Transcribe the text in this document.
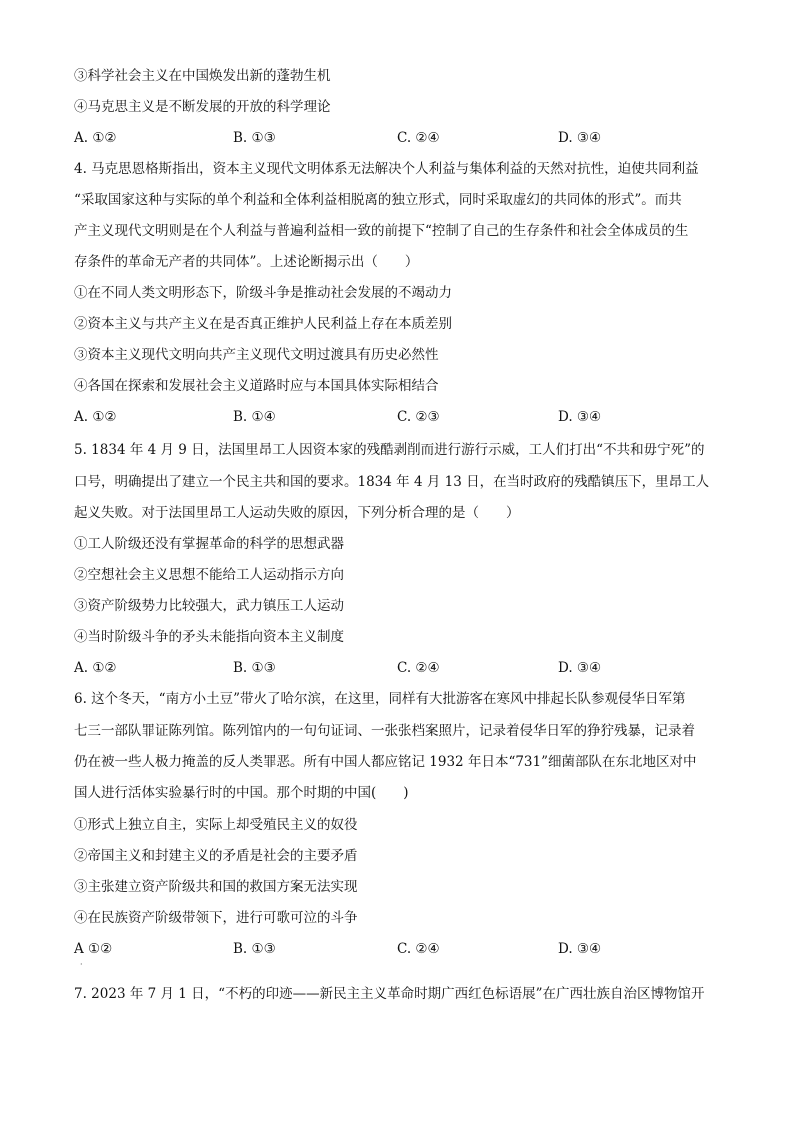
③科学社会主义在中国焕发出新的蓬勃生机
④马克思主义是不断发展的开放的科学理论
A. ①②	B. ①③	C. ②④	D. ③④
4. 马克思恩格斯指出，资本主义现代文明体系无法解决个人利益与集体利益的天然对抗性，迫使共同利益
“采取国家这种与实际的单个利益和全体利益相脱离的独立形式，同时采取虚幻的共同体的形式”。而共
产主义现代文明则是在个人利益与普遍利益相一致的前提下“控制了自己的生存条件和社会全体成员的生
存条件的革命无产者的共同体”。上述论断揭示出（　　）
①在不同人类文明形态下，阶级斗争是推动社会发展的不竭动力
②资本主义与共产主义在是否真正维护人民利益上存在本质差别
③资本主义现代文明向共产主义现代文明过渡具有历史必然性
④各国在探索和发展社会主义道路时应与本国具体实际相结合
A. ①②	B. ①④	C. ②③	D. ③④
5. 1834 年 4 月 9 日，法国里昂工人因资本家的残酷剥削而进行游行示威，工人们打出“不共和毋宁死”的
口号，明确提出了建立一个民主共和国的要求。1834 年 4 月 13 日，在当时政府的残酷镇压下，里昂工人
起义失败。对于法国里昂工人运动失败的原因，下列分析合理的是（　　）
①工人阶级还没有掌握革命的科学的思想武器
②空想社会主义思想不能给工人运动指示方向
③资产阶级势力比较强大，武力镇压工人运动
④当时阶级斗争的矛头未能指向资本主义制度
A. ①②	B. ①③	C. ②④	D. ③④
6. 这个冬天，“南方小土豆”带火了哈尔滨，在这里，同样有大批游客在寒风中排起长队参观侵华日军第
七三一部队罪证陈列馆。陈列馆内的一句句证词、一张张档案照片，记录着侵华日军的狰狞残暴，记录着
仍在被一些人极力掩盖的反人类罪恶。所有中国人都应铭记 1932 年日本“731”细菌部队在东北地区对中
国人进行活体实验暴行时的中国。那个时期的中国(　　)
①形式上独立自主，实际上却受殖民主义的奴役
②帝国主义和封建主义的矛盾是社会的主要矛盾
③主张建立资产阶级共和国的救国方案无法实现
④在民族资产阶级带领下，进行可歌可泣的斗争
A ①②	B. ①③	C. ②④	D. ③④
·
7. 2023 年 7 月 1 日，“不朽的印迹——新民主主义革命时期广西红色标语展”在广西壮族自治区博物馆开
